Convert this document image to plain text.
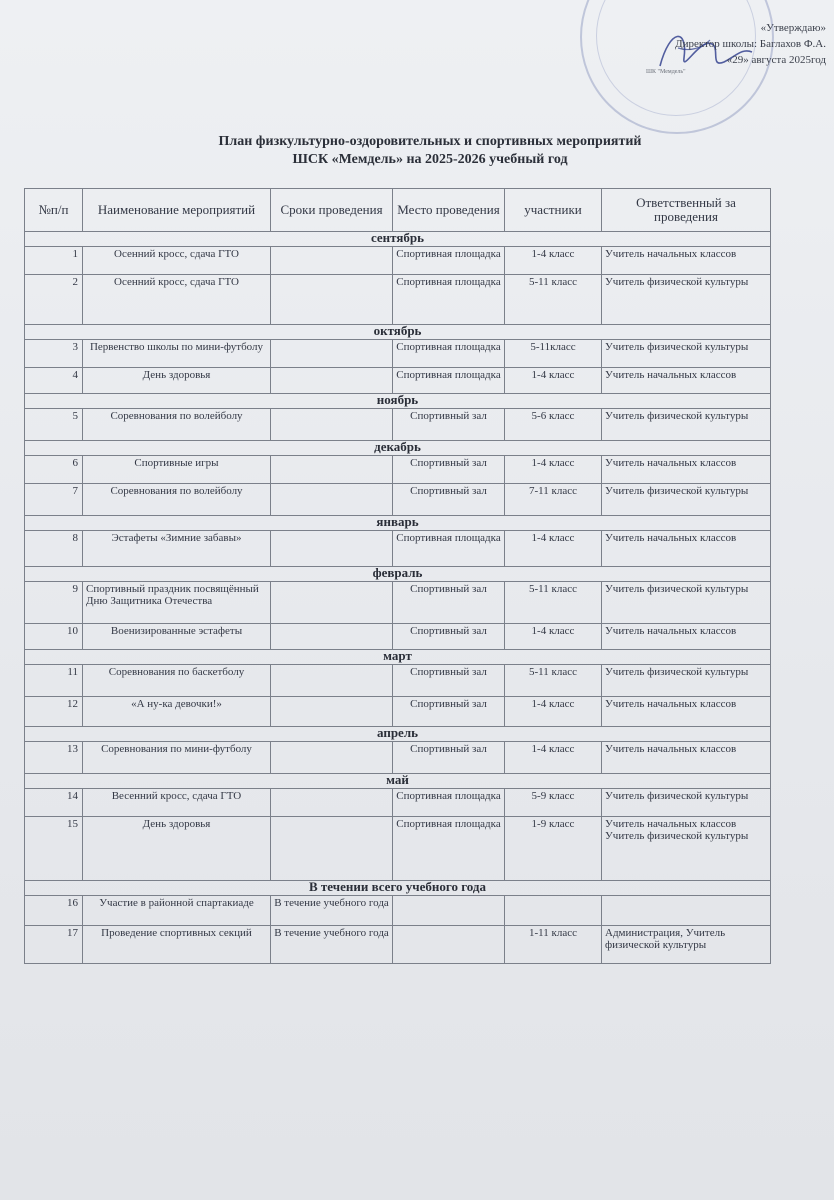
«Утверждаю»
Директор школы: Баглахов Ф.А.
«29» августа 2025год
ШК "Мемдель"
План физкультурно-оздоровительных и спортивных мероприятий
ШСК «Мемдель» на 2025-2026 учебный год
№п/п	Наименование мероприятий	Сроки проведения	Место проведения	участники	Ответственный за проведения
сентябрь					
1	Осенний кросс, сдача ГТО		Спортивная площадка	1-4 класс	Учитель начальных классов
2	Осенний кросс, сдача ГТО		Спортивная площадка	5-11 класс	Учитель физической культуры
октябрь					
3	Первенство школы по мини-футболу		Спортивная площадка	5-11класс	Учитель физической культуры
4	День здоровья		Спортивная площадка	1-4 класс	Учитель начальных классов
ноябрь					
5	Соревнования по волейболу		Спортивный зал	5-6 класс	Учитель физической культуры
декабрь					
6	Спортивные игры		Спортивный зал	1-4 класс	Учитель начальных классов
7	Соревнования по волейболу		Спортивный зал	7-11 класс	Учитель физической культуры
январь					
8	Эстафеты «Зимние забавы»		Спортивная площадка	1-4 класс	Учитель начальных классов
февраль					
9	Спортивный праздник посвящённый Дню Защитника Отечества		Спортивный зал	5-11 класс	Учитель физической культуры
10	Военизированные эстафеты		Спортивный зал	1-4 класс	Учитель начальных классов
март					
11	Соревнования по баскетболу		Спортивный зал	5-11 класс	Учитель физической культуры
12	«А ну-ка девочки!»		Спортивный зал	1-4 класс	Учитель начальных классов
апрель					
13	Соревнования по мини-футболу		Спортивный зал	1-4 класс	Учитель начальных классов
май					
14	Весенний кросс, сдача ГТО		Спортивная площадка	5-9 класс	Учитель физической культуры
15	День здоровья		Спортивная площадка	1-9 класс	Учитель начальных классов Учитель физической культуры
В течении всего учебного года					
16	Участие в районной спартакиаде	В течение учебного года			
17	Проведение спортивных секций	В течение учебного года		1-11 класс	Администрация, Учитель физической культуры
